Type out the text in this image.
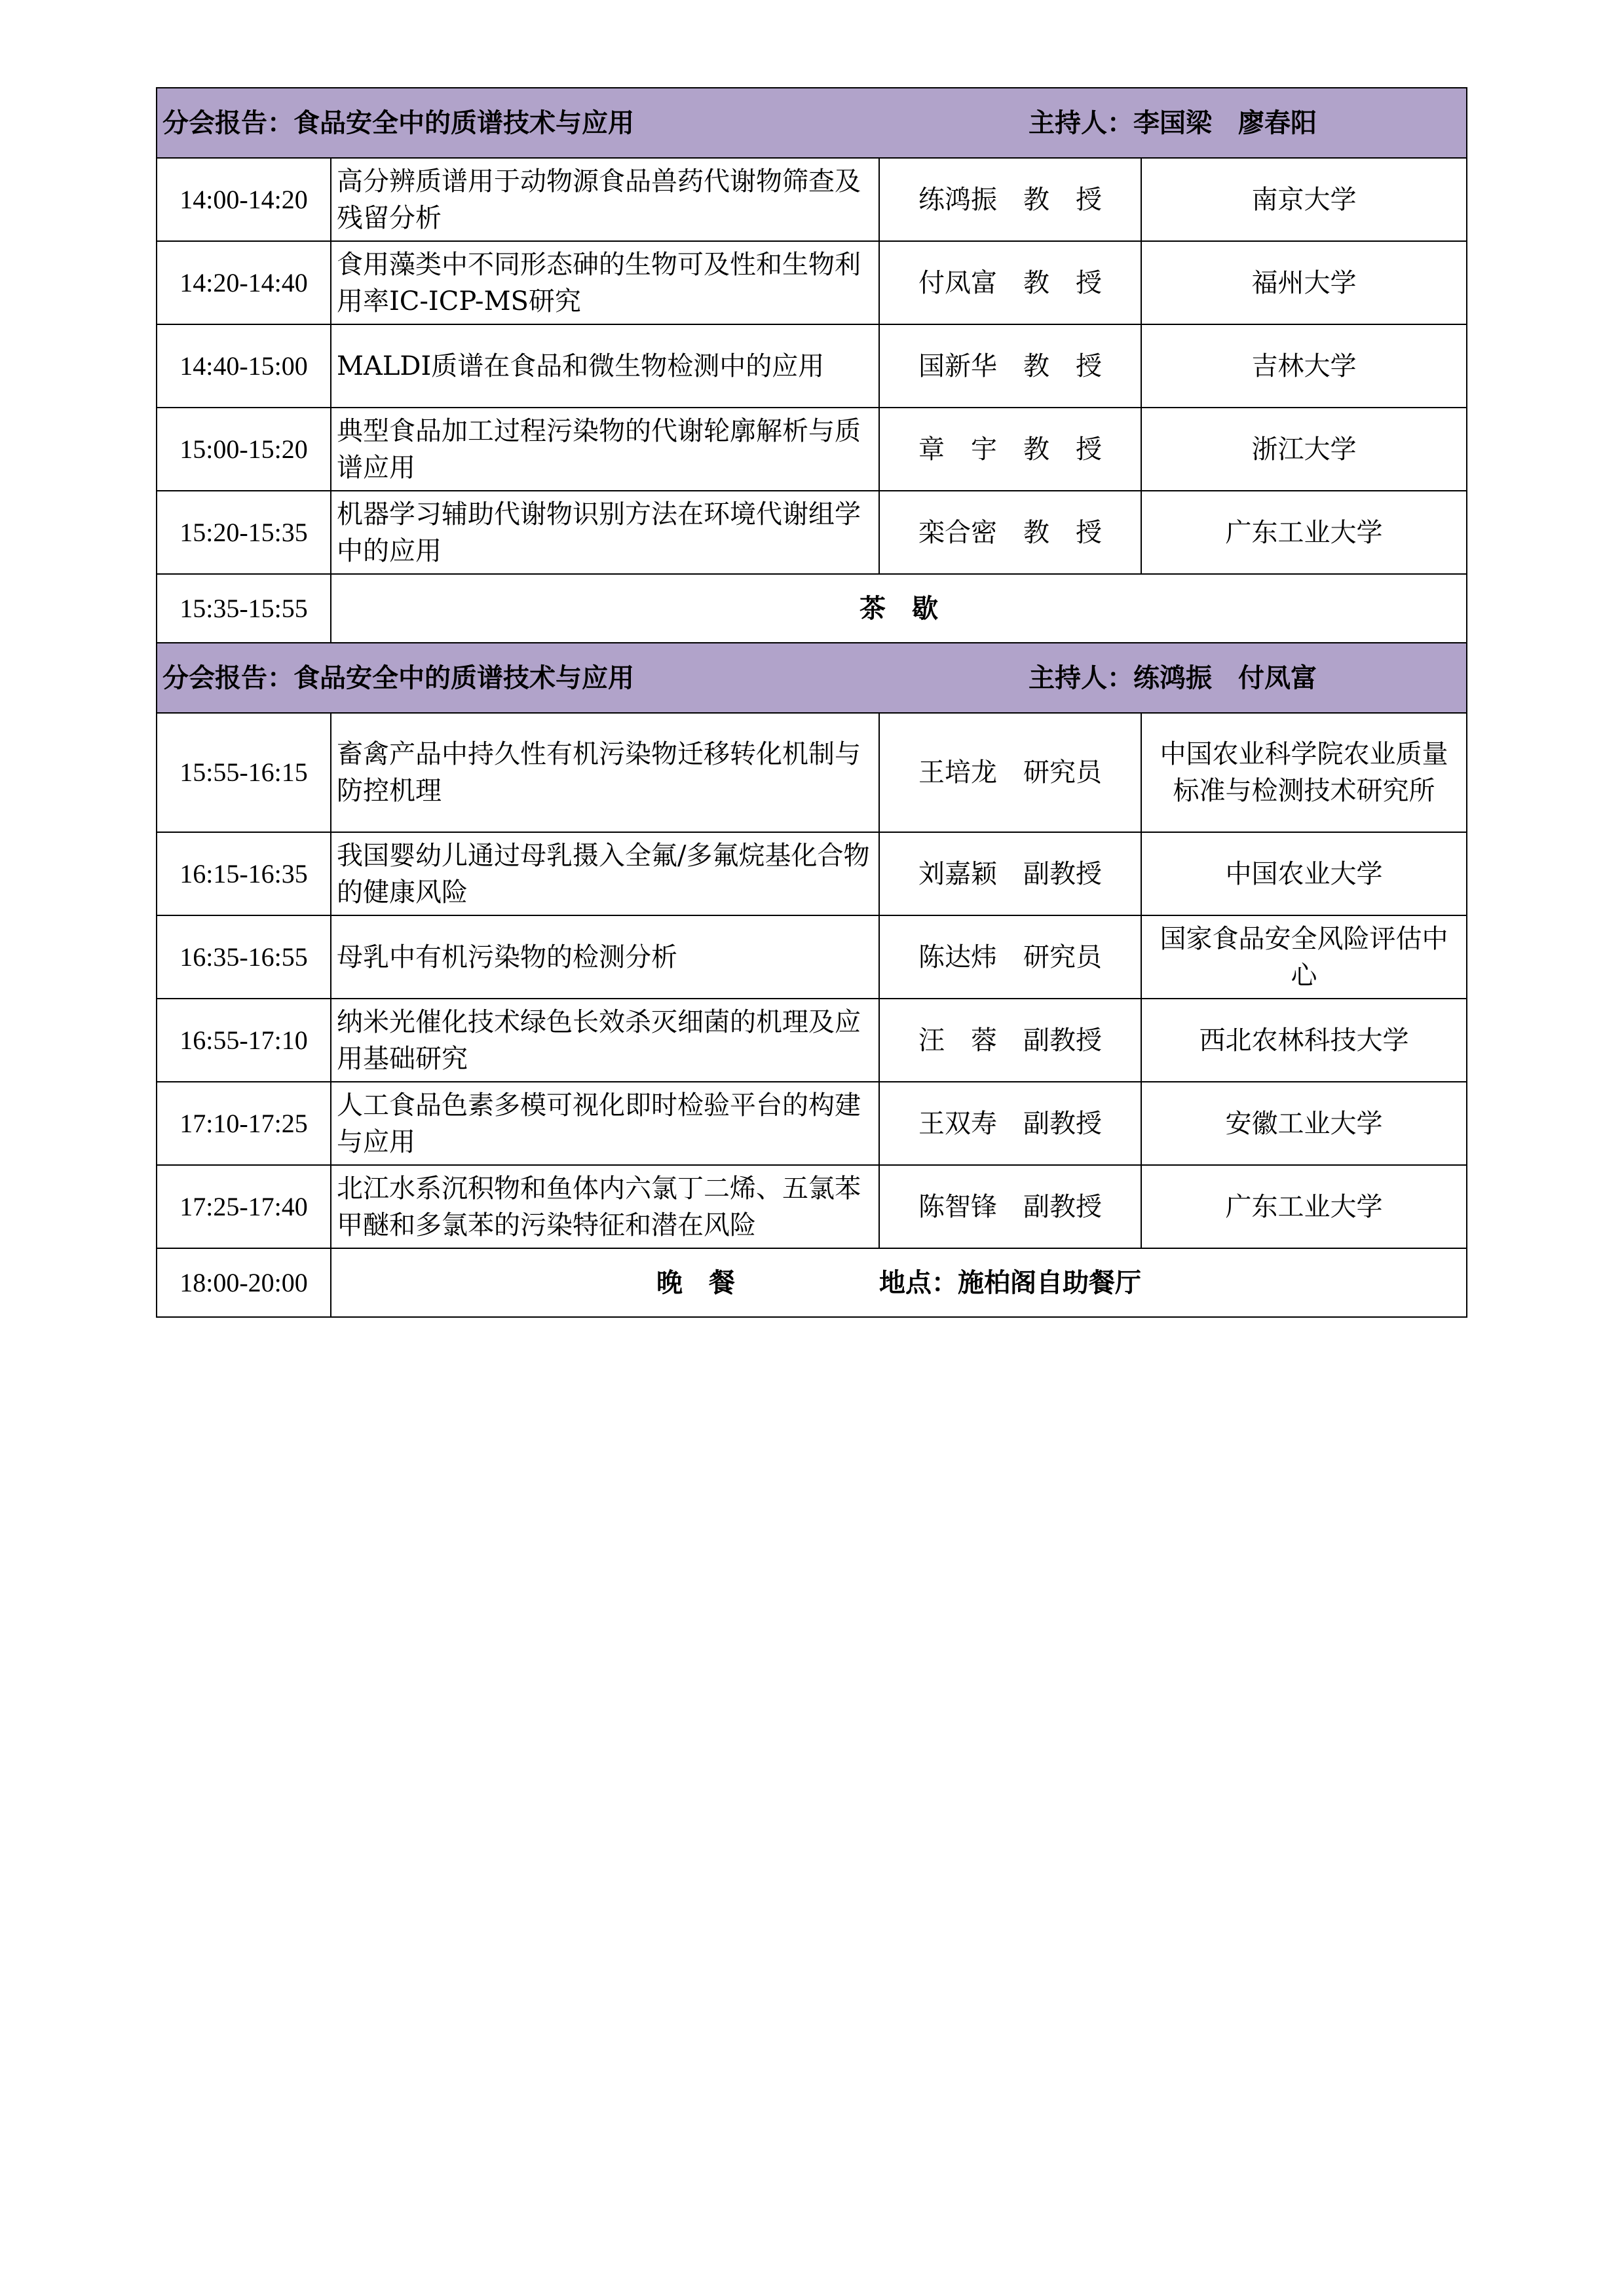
分会报告：食品安全中的质谱技术与应用 主持人：李国梁　廖春阳			

14:00-14:20	高分辨质谱用于动物源食品兽药代谢物筛查及残留分析	练鸿振　教　授	南京大学
14:20-14:40	食用藻类中不同形态砷的生物可及性和生物利用率IC-ICP-MS研究	付凤富　教　授	福州大学
14:40-15:00	MALDI质谱在食品和微生物检测中的应用	国新华　教　授	吉林大学
15:00-15:20	典型食品加工过程污染物的代谢轮廓解析与质谱应用	章　宇　教　授	浙江大学
15:20-15:35	机器学习辅助代谢物识别方法在环境代谢组学中的应用	栾合密　教　授	广东工业大学
15:35-15:55	茶　歇		

分会报告：食品安全中的质谱技术与应用 主持人：练鸿振　付凤富			

15:55-16:15	畜禽产品中持久性有机污染物迁移转化机制与防控机理	王培龙　研究员	中国农业科学院农业质量标准与检测技术研究所
16:15-16:35	我国婴幼儿通过母乳摄入全氟/多氟烷基化合物的健康风险	刘嘉颖　副教授	中国农业大学
16:35-16:55	母乳中有机污染物的检测分析	陈达炜　研究员	国家食品安全风险评估中心
16:55-17:10	纳米光催化技术绿色长效杀灭细菌的机理及应用基础研究	汪　蓉　副教授	西北农林科技大学
17:10-17:25	人工食品色素多模可视化即时检验平台的构建与应用	王双寿　副教授	安徽工业大学
17:25-17:40	北江水系沉积物和鱼体内六氯丁二烯、五氯苯甲醚和多氯苯的污染特征和潜在风险	陈智锋　副教授	广东工业大学
18:00-20:00	晚　餐 地点：施柏阁自助餐厅		
